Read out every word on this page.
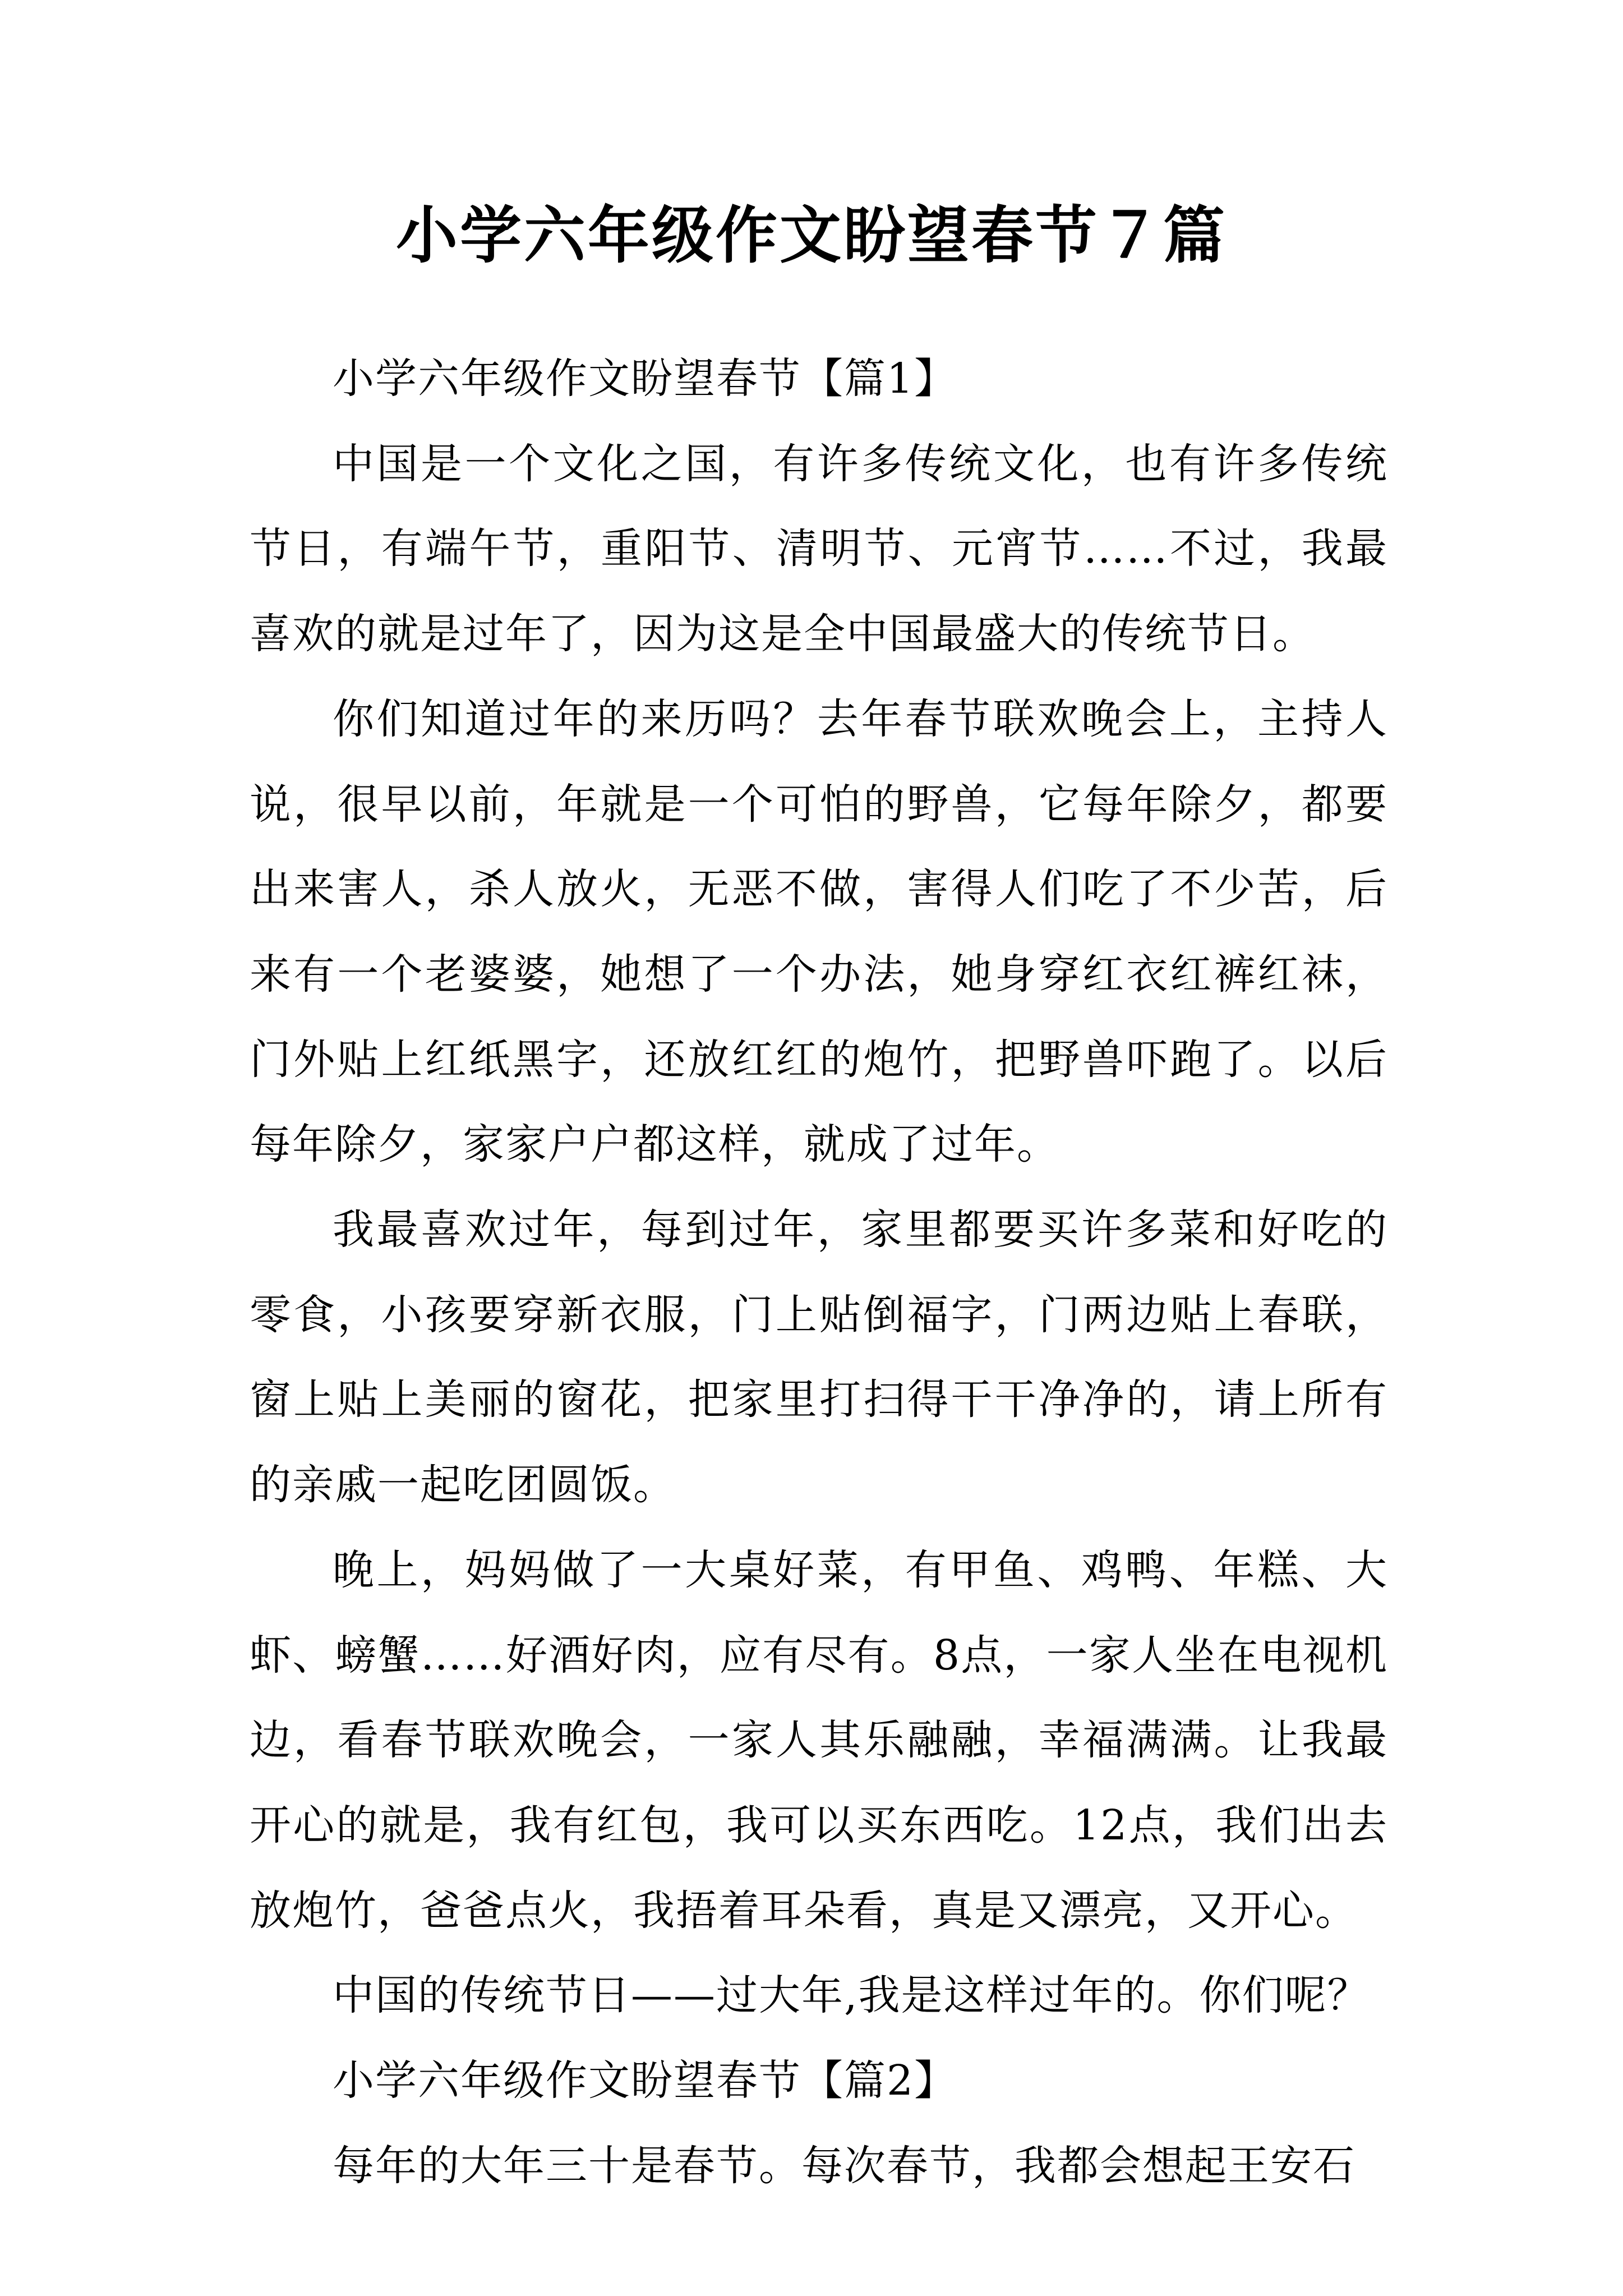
小学六年级作文盼望春节７篇

小学六年级作文盼望春节【篇1】

中国是一个文化之国，有许多传统文化，也有许多传统节日，有端午节，重阳节、清明节、元宵节……不过，我最喜欢的就是过年了，因为这是全中国最盛大的传统节日。

你们知道过年的来历吗？去年春节联欢晚会上，主持人说，很早以前，年就是一个可怕的野兽，它每年除夕，都要出来害人，杀人放火，无恶不做，害得人们吃了不少苦，后来有一个老婆婆，她想了一个办法，她身穿红衣红裤红袜，门外贴上红纸黑字，还放红红的炮竹，把野兽吓跑了。以后每年除夕，家家户户都这样，就成了过年。

我最喜欢过年，每到过年，家里都要买许多菜和好吃的零食，小孩要穿新衣服，门上贴倒福字，门两边贴上春联，窗上贴上美丽的窗花，把家里打扫得干干净净的，请上所有的亲戚一起吃团圆饭。

晚上，妈妈做了一大桌好菜，有甲鱼、鸡鸭、年糕、大虾、螃蟹……好酒好肉，应有尽有。8点，一家人坐在电视机边，看春节联欢晚会，一家人其乐融融，幸福满满。让我最开心的就是，我有红包，我可以买东西吃。12点，我们出去放炮竹，爸爸点火，我捂着耳朵看，真是又漂亮，又开心。

中国的传统节日——过大年,我是这样过年的。你们呢？

小学六年级作文盼望春节【篇2】

每年的大年三十是春节。每次春节，我都会想起王安石
